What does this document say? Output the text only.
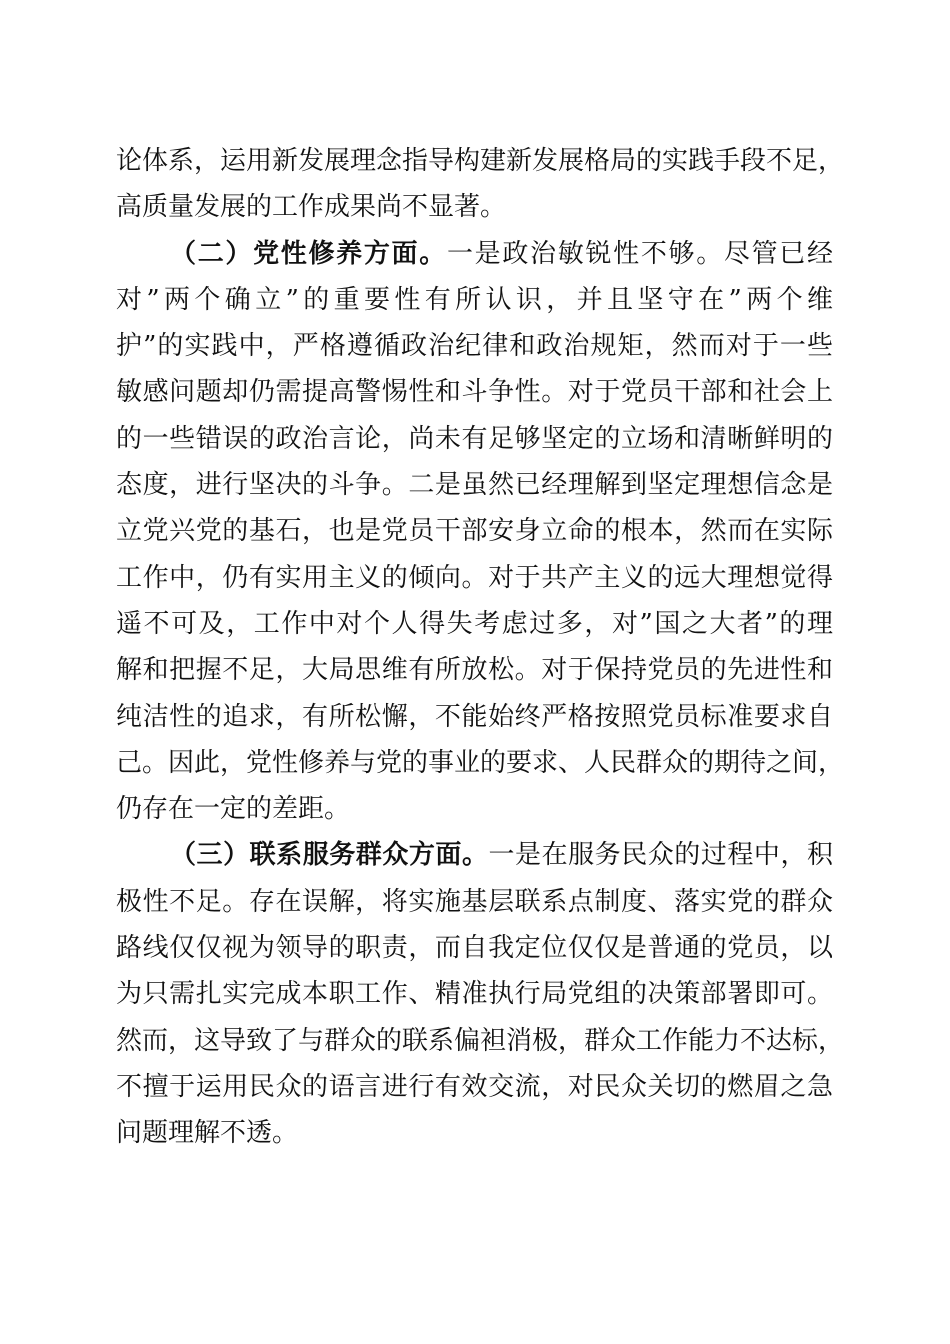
论体系，运用新发展理念指导构建新发展格局的实践手段不足，
高质量发展的工作成果尚不显著。
（二）党性修养方面。一是政治敏锐性不够。尽管已经
对”两个确立”的重要性有所认识，并且坚守在”两个维
护”的实践中，严格遵循政治纪律和政治规矩，然而对于一些
敏感问题却仍需提高警惕性和斗争性。对于党员干部和社会上
的一些错误的政治言论，尚未有足够坚定的立场和清晰鲜明的
态度，进行坚决的斗争。二是虽然已经理解到坚定理想信念是
立党兴党的基石，也是党员干部安身立命的根本，然而在实际
工作中，仍有实用主义的倾向。对于共产主义的远大理想觉得
遥不可及，工作中对个人得失考虑过多，对”国之大者”的理
解和把握不足，大局思维有所放松。对于保持党员的先进性和
纯洁性的追求，有所松懈，不能始终严格按照党员标准要求自
己。因此，党性修养与党的事业的要求、人民群众的期待之间，
仍存在一定的差距。
（三）联系服务群众方面。一是在服务民众的过程中，积
极性不足。存在误解，将实施基层联系点制度、落实党的群众
路线仅仅视为领导的职责，而自我定位仅仅是普通的党员，以
为只需扎实完成本职工作、精准执行局党组的决策部署即可。
然而，这导致了与群众的联系偏袒消极，群众工作能力不达标，
不擅于运用民众的语言进行有效交流，对民众关切的燃眉之急
问题理解不透。
